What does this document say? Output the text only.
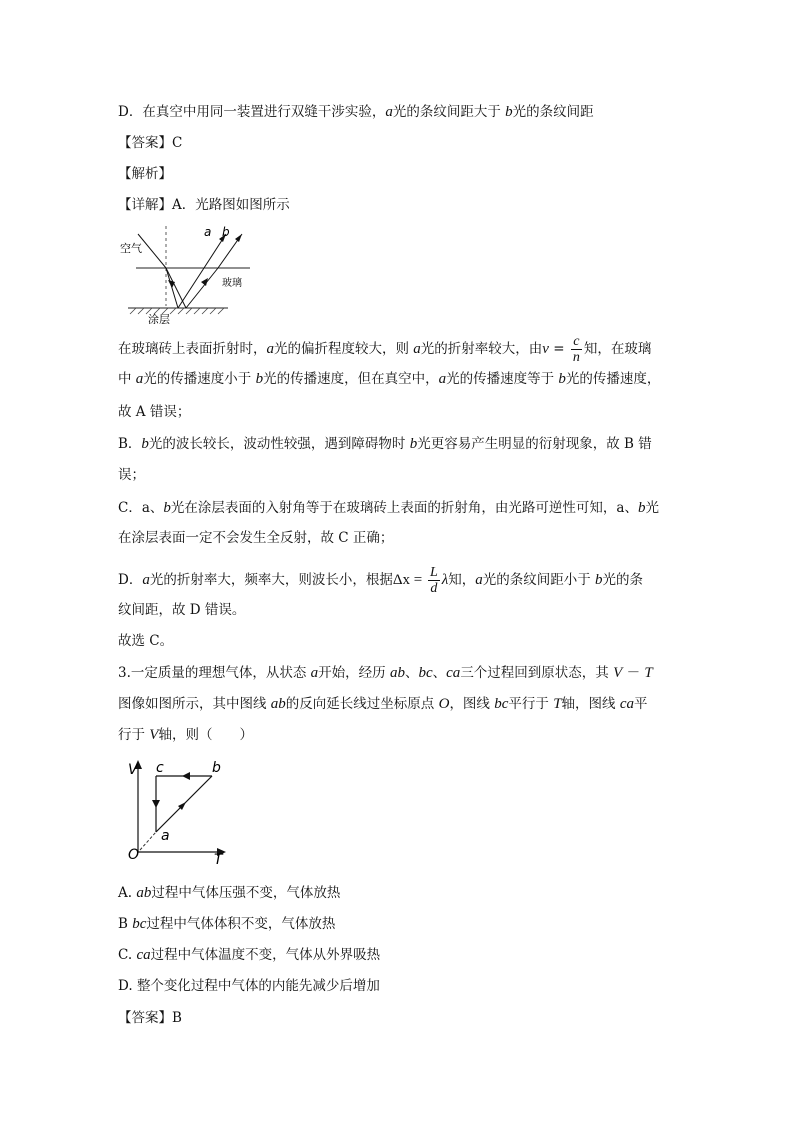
D．在真空中用同一装置进行双缝干涉实验，a光的条纹间距大于 b光的条纹间距
【答案】C
【解析】
【详解】A．光路图如图所示
空气
玻璃
涂层
a b
在玻璃砖上表面折射时，a光的偏折程度较大，则 a光的折射率较大，由$v = \frac{c}{n}$ 知，在玻璃
中 a光的传播速度小于 b光的传播速度，但在真空中，a光的传播速度等于 b光的传播速度，
故 A 错误；
B．b光的波长较长，波动性较强，遇到障碍物时 b光更容易产生明显的衍射现象，故 B 错
误；
C．a、b光在涂层表面的入射角等于在玻璃砖上表面的折射角，由光路可逆性可知，a、b光
在涂层表面一定不会发生全反射，故 C 正确；
D．a光的折射率大，频率大，则波长小，根据$\Delta x = \frac{L}{d}$ λ知，a光的条纹间距小于 b光的条
纹间距，故 D 错误。
故选 C。
3.一定质量的理想气体，从状态 a开始，经历 ab、bc、ca三个过程回到原状态，其 V － T
图像如图所示，其中图线 ab的反向延长线过坐标原点 O，图线 bc平行于 T轴，图线 ca平
行于 V轴，则（　　）
V
T
O
a
b
c
A. ab过程中气体压强不变，气体放热
B bc过程中气体体积不变，气体放热
C. ca过程中气体温度不变，气体从外界吸热
D. 整个变化过程中气体的内能先减少后增加
【答案】B
